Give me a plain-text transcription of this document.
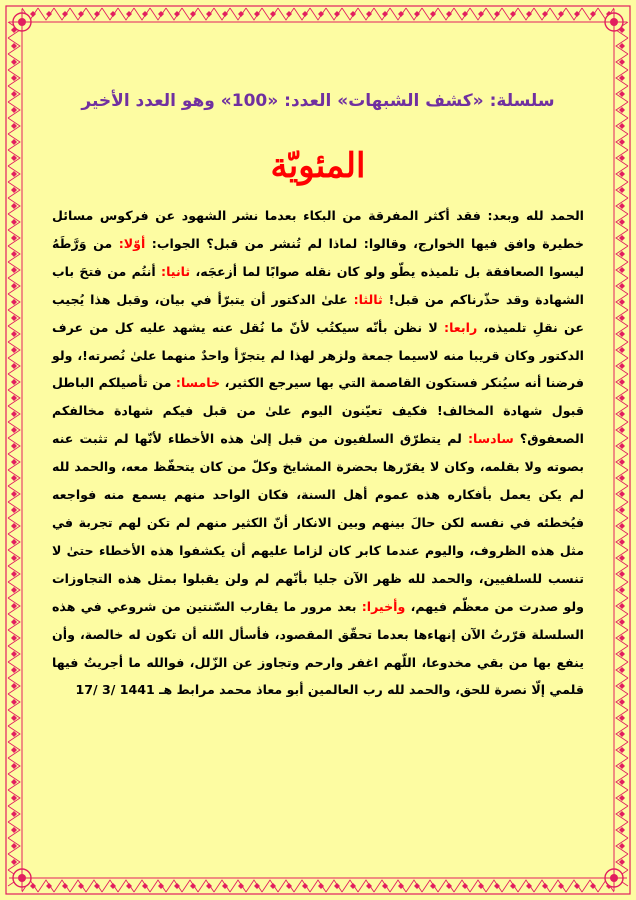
سلسلة: «كشف الشبهات» العدد: «100» وهو العدد الأخير

المئويّة

الحمد لله وبعد: فقد أكثر المفرقة من البكاء بعدما نشر الشهود عن فركوس مسائل خطيرة وافق فيها الخوارج، وقالوا: لماذا لم تُنشر من قبل؟ الجواب: أوّلا: من وَرَّطَهُ ليسوا الصعافقة بل تلميذه يطّو ولو كان نقله صوابًا لما أزعجَه، ثانيا: أنتُم من فتحَ باب الشهادة وقد حذّرناكم من قبل! ثالثا: علىٰ الدكتور أن يتبرّأ في بيان، وقبل هذا يُجيب عن نقلِ تلميذه، رابعا: لا نظن بأنّه سيكتُب لأنّ ما نُقل عنه يشهد عليه كل من عرف الدكتور وكان قريبا منه لاسيما جمعة ولزهر لهذا لم يتجرّأ واحدٌ منهما علىٰ نُصرته!، ولو فرضنا أنه سيُنكر فستكون القاصمة التي بها سيرجع الكثير، خامسا: من تأصيلكم الباطل قبول شهادة المخالف! فكيف تعيّنون اليوم علىٰ من قبل فيكم شهادة مخالفكم الصعفوق؟ سادسا: لم يتطرّق السلفيون من قبل إلىٰ هذه الأخطاء لأنّها لم تثبت عنه بصوته ولا بقلمه، وكان لا يقرّرها بحضرة المشايخ وكلّ من كان يتحفّظ معه، والحمد لله لم يكن يعمل بأفكاره هذه عموم أهل السنة، فكان الواحد منهم يسمع منه فواجعه فيُخطئه في نفسه لكن حالَ بينهم وبين الانكار أنّ الكثير منهم لم تكن لهم تجربة في مثل هذه الظروف، واليوم عندما كابر كان لزاما عليهم أن يكشفوا هذه الأخطاء حتىٰ لا تنسب للسلفيين، والحمد لله ظهر الآن جليا بأنّهم لم ولن يقبلوا بمثل هذه التجاوزات ولو صدرت من معظّم فيهم، وأخيرا: بعد مرور ما يقارب السّنتين من شروعي في هذه السلسلة قرّرتُ الآن إنهاءها بعدما تحقّق المقصود، فأسأل الله أن تكون له خالصة، وأن ينفع بها من بقي مخدوعا، اللّهم اغفر وارحم وتجاوز عن الزّلل، فوالله ما أجريتُ فيها قلمي إلّا نصرة للحق، والحمد لله رب العالمين أبو معاذ محمد مرابط 17/ 3/ 1441 هـ
